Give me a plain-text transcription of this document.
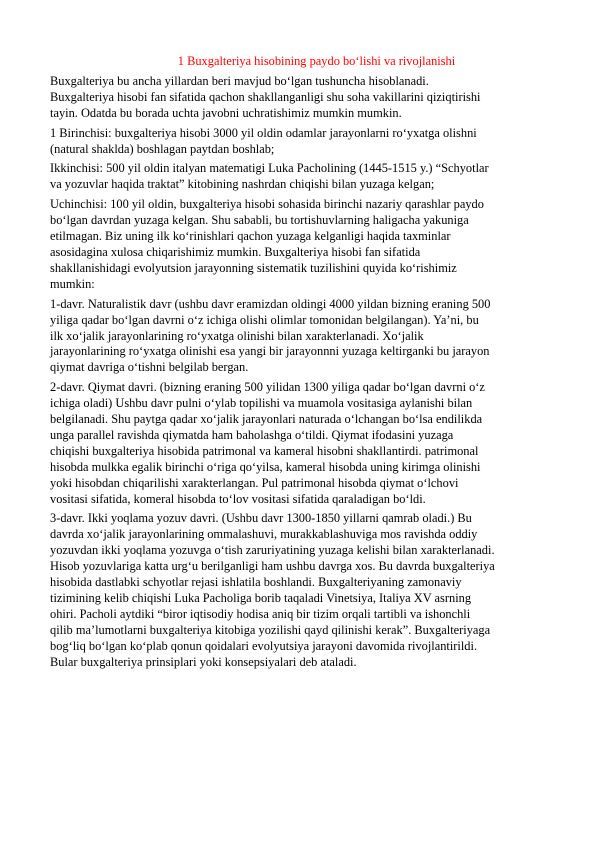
1 Buxgalteriya hisobining paydo bo‘lishi va rivojlanishi
Buxgalteriya bu ancha yillardan beri mavjud bo‘lgan tushuncha hisoblanadi.
Buxgalteriya hisobi fan sifatida qachon shakllanganligi shu soha vakillarini qiziqtirishi
tayin. Odatda bu borada uchta javobni uchratishimiz mumkin mumkin.
1 Birinchisi: buxgalteriya hisobi 3000 yil oldin odamlar jarayonlarni ro‘yxatga olishni
(natural shaklda) boshlagan paytdan boshlab;
Ikkinchisi: 500 yil oldin italyan matematigi Luka Pacholining (1445-1515 y.) “Schyotlar
va yozuvlar haqida traktat” kitobining nashrdan chiqishi bilan yuzaga kelgan;
Uchinchisi: 100 yil oldin, buxgalteriya hisobi sohasida birinchi nazariy qarashlar paydo
bo‘lgan davrdan yuzaga kelgan. Shu sababli, bu tortishuvlarning haligacha yakuniga
etilmagan. Biz uning ilk ko‘rinishlari qachon yuzaga kelganligi haqida taxminlar
asosidagina xulosa chiqarishimiz mumkin. Buxgalteriya hisobi fan sifatida
shakllanishidagi evolyutsion jarayonning sistematik tuzilishini quyida ko‘rishimiz
mumkin:
1-davr. Naturalistik davr (ushbu davr eramizdan oldingi 4000 yildan bizning eraning 500
yiliga qadar bo‘lgan davrni o‘z ichiga olishi olimlar tomonidan belgilangan). Ya’ni, bu
ilk xo‘jalik jarayonlarining ro‘yxatga olinishi bilan xarakterlanadi. Xo‘jalik
jarayonlarining ro‘yxatga olinishi esa yangi bir jarayonnni yuzaga keltirganki bu jarayon
qiymat davriga o‘tishni belgilab bergan.
2-davr. Qiymat davri. (bizning eraning 500 yilidan 1300 yiliga qadar bo‘lgan davrni o‘z
ichiga oladi) Ushbu davr pulni o‘ylab topilishi va muamola vositasiga aylanishi bilan
belgilanadi. Shu paytga qadar xo‘jalik jarayonlari naturada o‘lchangan bo‘lsa endilikda
unga parallel ravishda qiymatda ham baholashga o‘tildi. Qiymat ifodasini yuzaga
chiqishi buxgalteriya hisobida patrimonal va kameral hisobni shakllantirdi. patrimonal
hisobda mulkka egalik birinchi o‘riga qo‘yilsa, kameral hisobda uning kirimga olinishi
yoki hisobdan chiqarilishi xarakterlangan. Pul patrimonal hisobda qiymat o‘lchovi
vositasi sifatida, komeral hisobda to‘lov vositasi sifatida qaraladigan bo‘ldi.
3-davr. Ikki yoqlama yozuv davri. (Ushbu davr 1300-1850 yillarni qamrab oladi.) Bu
davrda xo‘jalik jarayonlarining ommalashuvi, murakkablashuviga mos ravishda oddiy
yozuvdan ikki yoqlama yozuvga o‘tish zaruriyatining yuzaga kelishi bilan xarakterlanadi.
Hisob yozuvlariga katta urg‘u berilganligi ham ushbu davrga xos. Bu davrda buxgalteriya
hisobida dastlabki schyotlar rejasi ishlatila boshlandi. Buxgalteriyaning zamonaviy
tizimining kelib chiqishi Luka Pacholiga borib taqaladi Vinetsiya, Italiya XV asrning
ohiri. Pacholi aytdiki “biror iqtisodiy hodisa aniq bir tizim orqali tartibli va ishonchli
qilib ma’lumotlarni buxgalteriya kitobiga yozilishi qayd qilinishi kerak”. Buxgalteriyaga
bog‘liq bo‘lgan ko‘plab qonun qoidalari evolyutsiya jarayoni davomida rivojlantirildi.
Bular buxgalteriya prinsiplari yoki konsepsiyalari deb ataladi.
